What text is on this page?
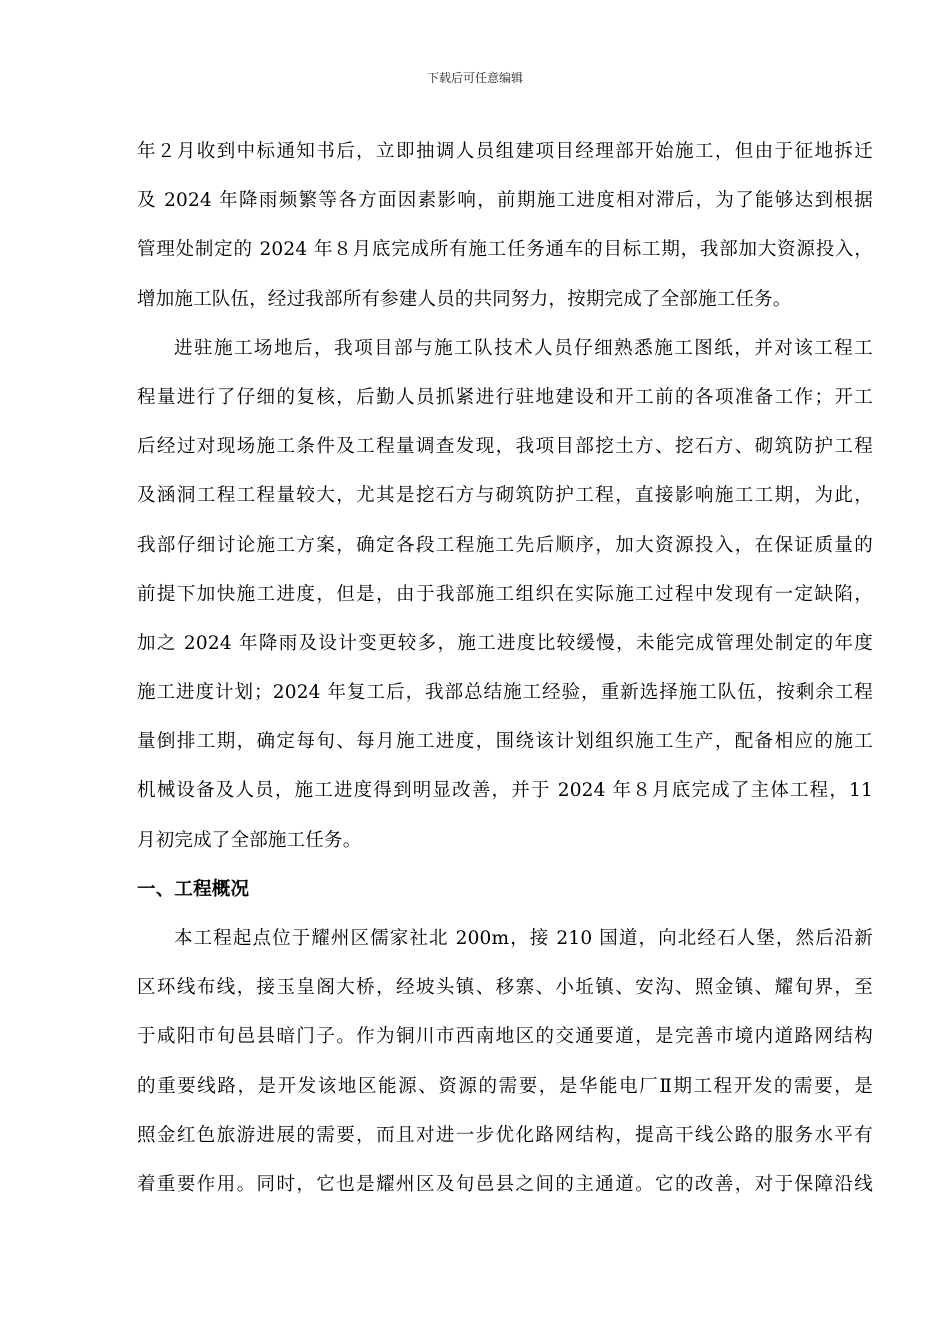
下载后可任意编辑
年２月收到中标通知书后，立即抽调人员组建项目经理部开始施工，但由于征地拆迁
及 2024 年降雨频繁等各方面因素影响，前期施工进度相对滞后，为了能够达到根据
管理处制定的 2024 年８月底完成所有施工任务通车的目标工期，我部加大资源投入，
增加施工队伍，经过我部所有参建人员的共同努力，按期完成了全部施工任务。
进驻施工场地后，我项目部与施工队技术人员仔细熟悉施工图纸，并对该工程工
程量进行了仔细的复核，后勤人员抓紧进行驻地建设和开工前的各项准备工作；开工
后经过对现场施工条件及工程量调查发现，我项目部挖土方、挖石方、砌筑防护工程
及涵洞工程工程量较大，尤其是挖石方与砌筑防护工程，直接影响施工工期，为此，
我部仔细讨论施工方案，确定各段工程施工先后顺序，加大资源投入，在保证质量的
前提下加快施工进度，但是，由于我部施工组织在实际施工过程中发现有一定缺陷，
加之 2024 年降雨及设计变更较多，施工进度比较缓慢，未能完成管理处制定的年度
施工进度计划；2024 年复工后，我部总结施工经验，重新选择施工队伍，按剩余工程
量倒排工期，确定每旬、每月施工进度，围绕该计划组织施工生产，配备相应的施工
机械设备及人员，施工进度得到明显改善，并于 2024 年８月底完成了主体工程，11
月初完成了全部施工任务。
一、工程概况
本工程起点位于耀州区儒家社北 200m，接 210 国道，向北经石人堡，然后沿新
区环线布线，接玉皇阁大桥，经坡头镇、移寨、小坵镇、安沟、照金镇、耀旬界，至
于咸阳市旬邑县暗门子。作为铜川市西南地区的交通要道，是完善市境内道路网结构
的重要线路，是开发该地区能源、资源的需要，是华能电厂Ⅱ期工程开发的需要，是
照金红色旅游进展的需要，而且对进一步优化路网结构，提高干线公路的服务水平有
着重要作用。同时，它也是耀州区及旬邑县之间的主通道。它的改善，对于保障沿线
